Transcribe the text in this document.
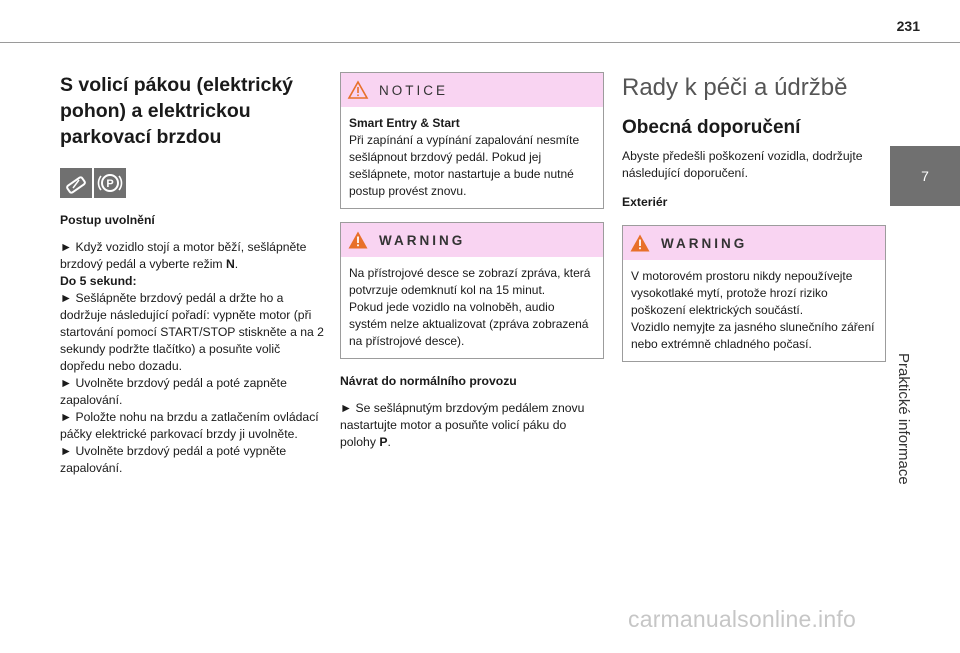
231
7
Praktické informace
S volicí pákou (elektrický pohon) a elektrickou parkovací brzdou
P

Postup uvolnění

► Když vozidlo stojí a motor běží, sešlápněte brzdový pedál a vyberte režim N.

Do 5 sekund:

► Sešlápněte brzdový pedál a držte ho a dodržuje následující pořadí: vypněte motor (při startování pomocí START/STOP stiskněte a na 2 sekundy podržte tlačítko) a posuňte volič dopředu nebo dozadu.

► Uvolněte brzdový pedál a poté zapněte zapalování.

► Položte nohu na brzdu a zatlačením ovládací páčky elektrické parkovací brzdy ji uvolněte.

► Uvolněte brzdový pedál a poté vypněte zapalování.

NOTICE

Smart Entry & Start

Při zapínání a vypínání zapalování nesmíte sešlápnout brzdový pedál. Pokud jej sešlápnete, motor nastartuje a bude nutné postup provést znovu.

WARNING

Na přístrojové desce se zobrazí zpráva, která potvrzuje odemknutí kol na 15 minut.

Pokud jede vozidlo na volnoběh, audio systém nelze aktualizovat (zpráva zobrazená na přístrojové desce).

Návrat do normálního provozu

► Se sešlápnutým brzdovým pedálem znovu nastartujte motor a posuňte volicí páku do polohy P.

Rady k péči a údržbě
Obecná doporučení

Abyste předešli poškození vozidla, dodržujte následující doporučení.

Exteriér

WARNING

V motorovém prostoru nikdy nepoužívejte vysokotlaké mytí, protože hrozí riziko poškození elektrických součástí.

Vozidlo nemyjte za jasného slunečního záření nebo extrémně chladného počasí.

carmanualsonline.info
